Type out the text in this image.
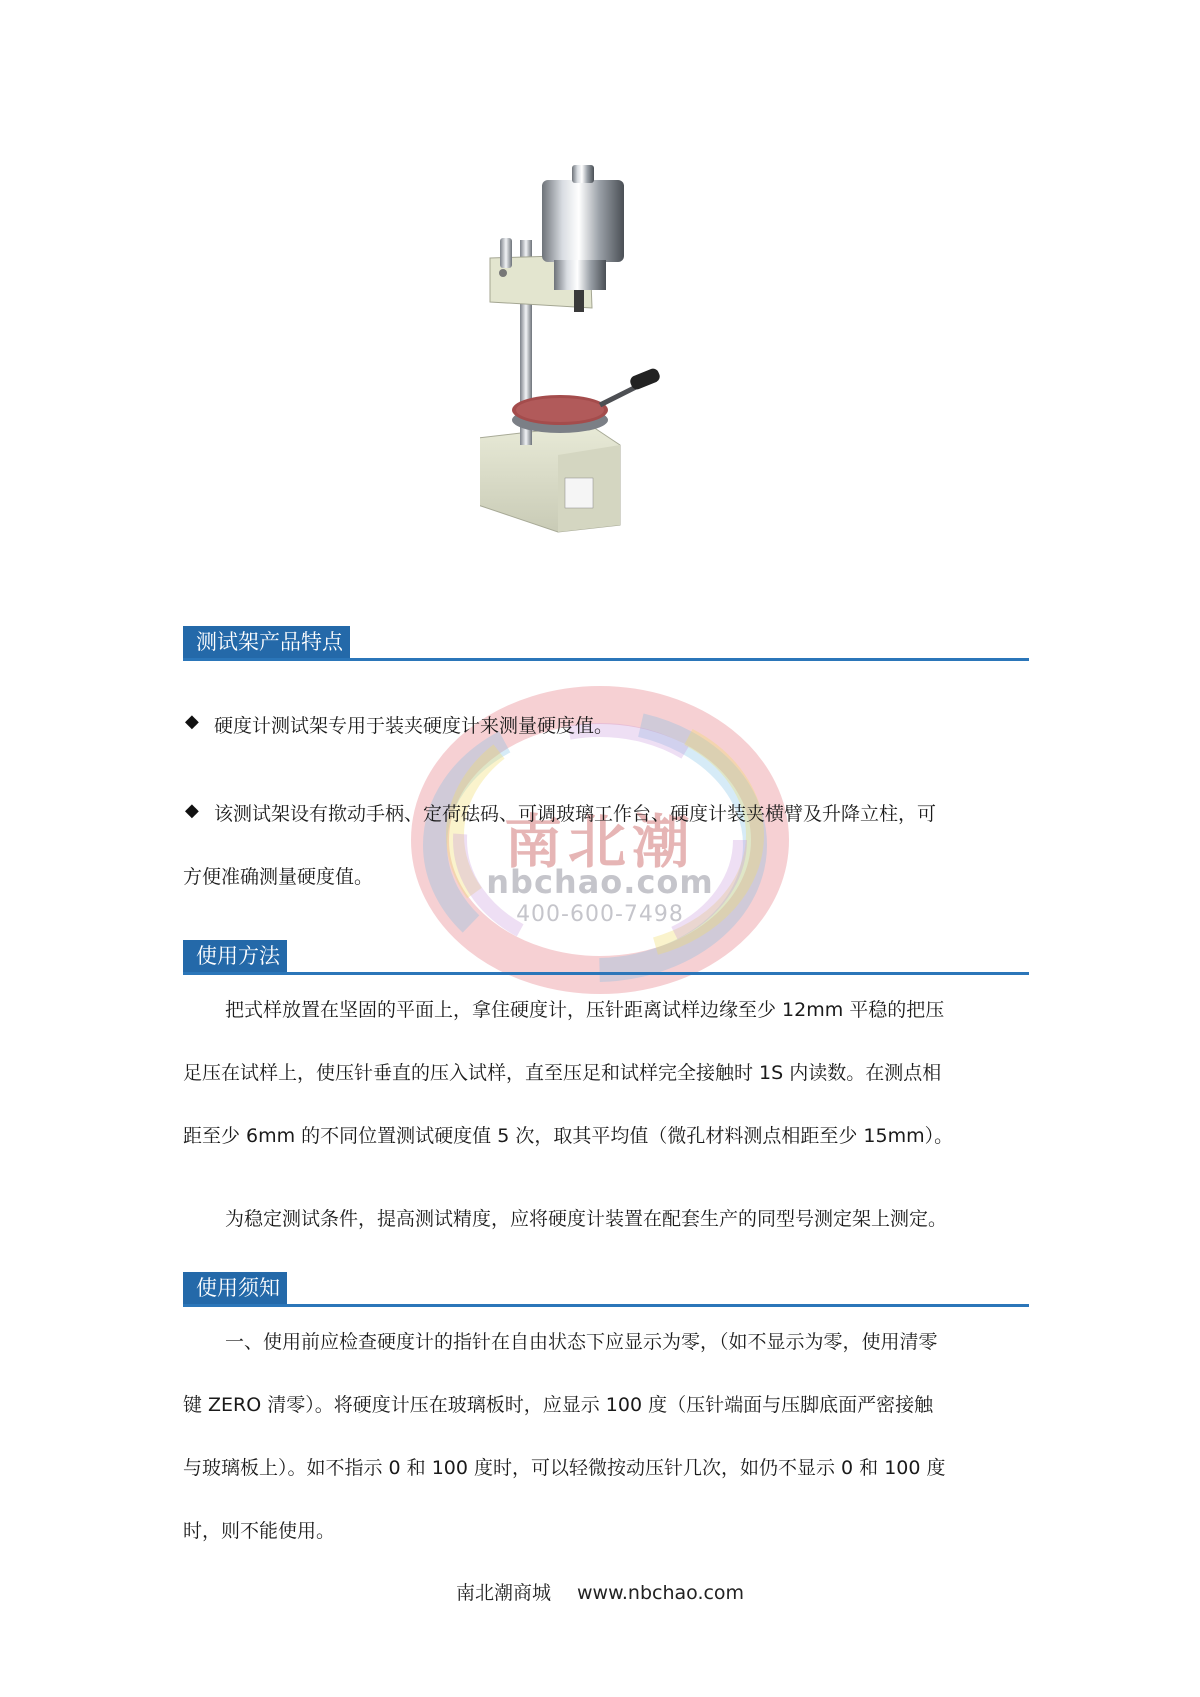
南北潮
nbchao.com
400-600-7498
测试架产品特点
◆ 硬度计测试架专用于装夹硬度计来测量硬度值。
◆ 该测试架设有揿动手柄、定荷砝码、可调玻璃工作台、硬度计装夹横臂及升降立柱，可
方便准确测量硬度值。
使用方法
把式样放置在坚固的平面上，拿住硬度计，压针距离试样边缘至少 12mm 平稳的把压
足压在试样上，使压针垂直的压入试样，直至压足和试样完全接触时 1S 内读数。在测点相
距至少 6mm 的不同位置测试硬度值 5 次，取其平均值（微孔材料测点相距至少 15mm）。
为稳定测试条件，提高测试精度，应将硬度计装置在配套生产的同型号测定架上测定。
使用须知
一、使用前应检查硬度计的指针在自由状态下应显示为零，（如不显示为零，使用清零
键 ZERO 清零）。将硬度计压在玻璃板时，应显示 100 度（压针端面与压脚底面严密接触
与玻璃板上）。如不指示 0 和 100 度时，可以轻微按动压针几次，如仍不显示 0 和 100 度
时，则不能使用。
南北潮商城 www.nbchao.com
